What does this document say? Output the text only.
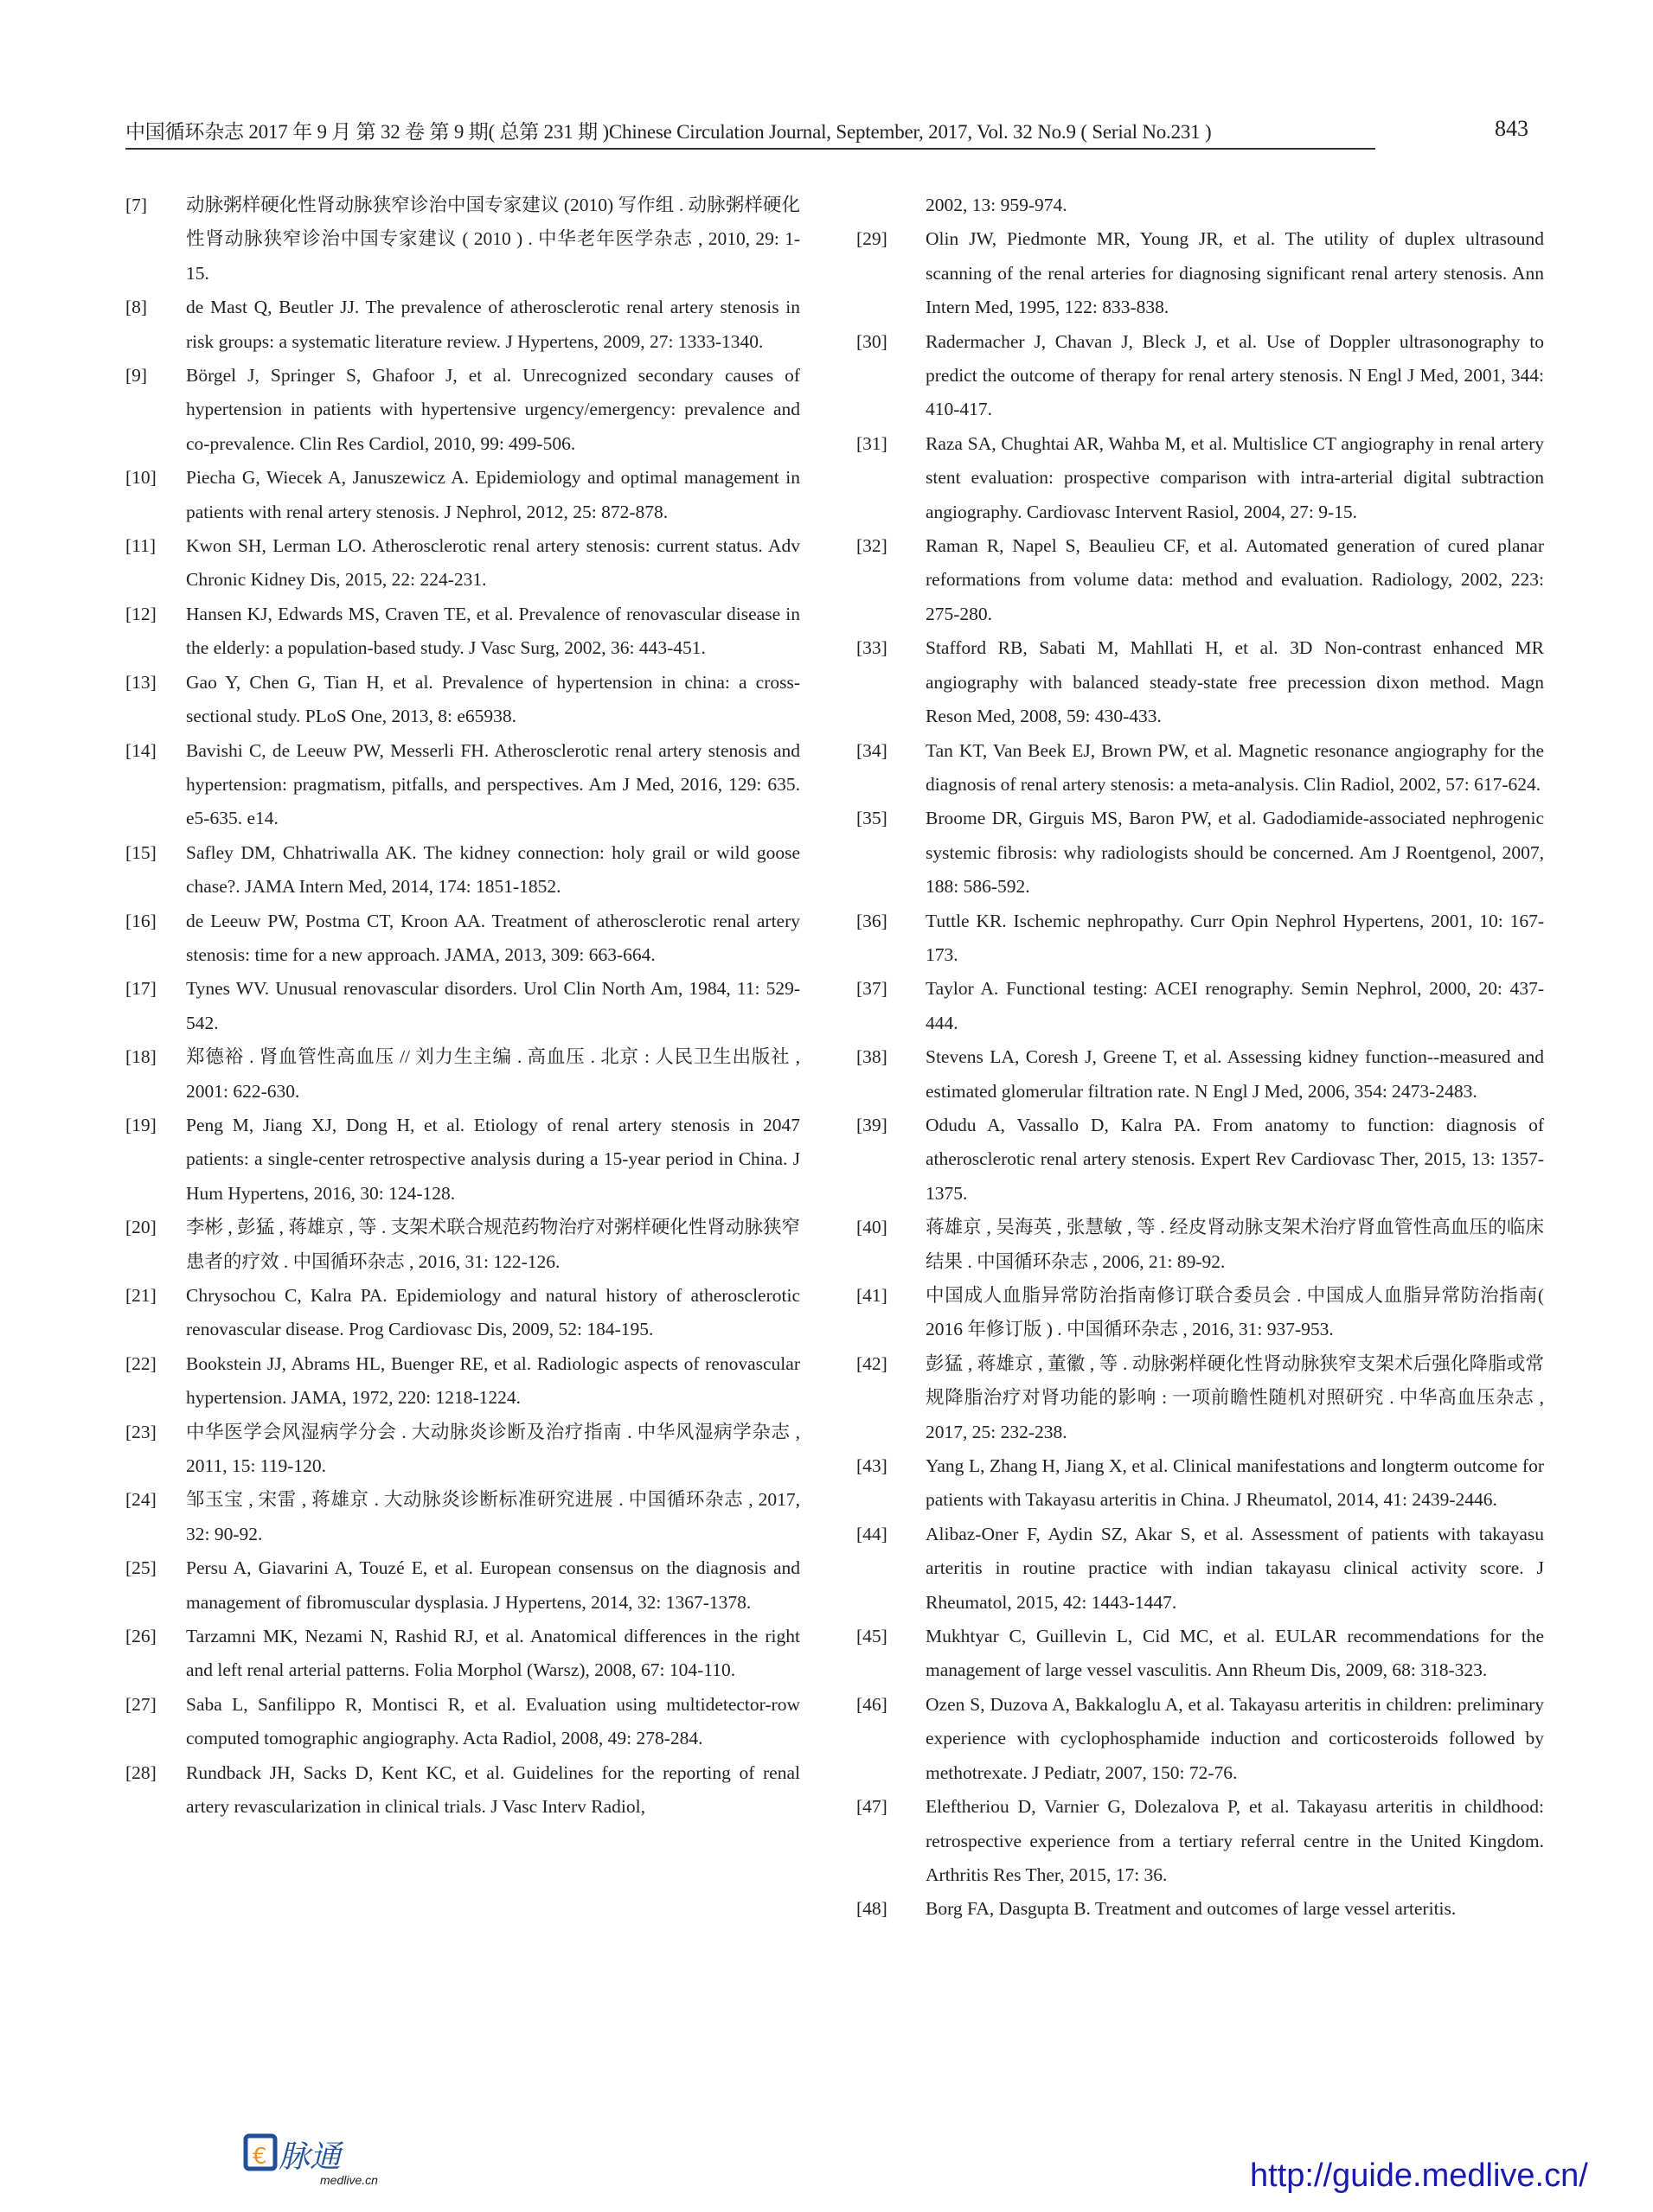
中国循环杂志 2017 年 9 月 第 32 卷 第 9 期( 总第 231 期 )Chinese Circulation Journal, September, 2017, Vol. 32 No.9 ( Serial No.231 )	843
[7] 动脉粥样硬化性肾动脉狭窄诊治中国专家建议 (2010) 写作组 . 动脉粥样硬化性肾动脉狭窄诊治中国专家建议 ( 2010 ) . 中华老年医学杂志 , 2010, 29: 1-15.
[8] de Mast Q, Beutler JJ. The prevalence of atherosclerotic renal artery stenosis in risk groups: a systematic literature review. J Hypertens, 2009, 27: 1333-1340.
[9] Börgel J, Springer S, Ghafoor J, et al. Unrecognized secondary causes of hypertension in patients with hypertensive urgency/emergency: prevalence and co-prevalence. Clin Res Cardiol, 2010, 99: 499-506.
[10] Piecha G, Wiecek A, Januszewicz A. Epidemiology and optimal management in patients with renal artery stenosis. J Nephrol, 2012, 25: 872-878.
[11] Kwon SH, Lerman LO. Atherosclerotic renal artery stenosis: current status. Adv Chronic Kidney Dis, 2015, 22: 224-231.
[12] Hansen KJ, Edwards MS, Craven TE, et al. Prevalence of renovascular disease in the elderly: a population-based study. J Vasc Surg, 2002, 36: 443-451.
[13] Gao Y, Chen G, Tian H, et al. Prevalence of hypertension in china: a cross-sectional study. PLoS One, 2013, 8: e65938.
[14] Bavishi C, de Leeuw PW, Messerli FH. Atherosclerotic renal artery stenosis and hypertension: pragmatism, pitfalls, and perspectives. Am J Med, 2016, 129: 635. e5-635. e14.
[15] Safley DM, Chhatriwalla AK. The kidney connection: holy grail or wild goose chase?. JAMA Intern Med, 2014, 174: 1851-1852.
[16] de Leeuw PW, Postma CT, Kroon AA. Treatment of atherosclerotic renal artery stenosis: time for a new approach. JAMA, 2013, 309: 663-664.
[17] Tynes WV. Unusual renovascular disorders. Urol Clin North Am, 1984, 11: 529-542.
[18] 郑德裕 . 肾血管性高血压 // 刘力生主编 . 高血压 . 北京 : 人民卫生出版社 , 2001: 622-630.
[19] Peng M, Jiang XJ, Dong H, et al. Etiology of renal artery stenosis in 2047 patients: a single-center retrospective analysis during a 15-year period in China. J Hum Hypertens, 2016, 30: 124-128.
[20] 李彬 , 彭猛 , 蒋雄京 , 等 . 支架术联合规范药物治疗对粥样硬化性肾动脉狭窄患者的疗效 . 中国循环杂志 , 2016, 31: 122-126.
[21] Chrysochou C, Kalra PA. Epidemiology and natural history of atherosclerotic renovascular disease. Prog Cardiovasc Dis, 2009, 52: 184-195.
[22] Bookstein JJ, Abrams HL, Buenger RE, et al. Radiologic aspects of renovascular hypertension. JAMA, 1972, 220: 1218-1224.
[23] 中华医学会风湿病学分会 . 大动脉炎诊断及治疗指南 . 中华风湿病学杂志 , 2011, 15: 119-120.
[24] 邹玉宝 , 宋雷 , 蒋雄京 . 大动脉炎诊断标准研究进展 . 中国循环杂志 , 2017, 32: 90-92.
[25] Persu A, Giavarini A, Touzé E, et al. European consensus on the diagnosis and management of fibromuscular dysplasia. J Hypertens, 2014, 32: 1367-1378.
[26] Tarzamni MK, Nezami N, Rashid RJ, et al. Anatomical differences in the right and left renal arterial patterns. Folia Morphol (Warsz), 2008, 67: 104-110.
[27] Saba L, Sanfilippo R, Montisci R, et al. Evaluation using multidetector-row computed tomographic angiography. Acta Radiol, 2008, 49: 278-284.
[28] Rundback JH, Sacks D, Kent KC, et al. Guidelines for the reporting of renal artery revascularization in clinical trials. J Vasc Interv Radiol,
2002, 13: 959-974.
[29] Olin JW, Piedmonte MR, Young JR, et al. The utility of duplex ultrasound scanning of the renal arteries for diagnosing significant renal artery stenosis. Ann Intern Med, 1995, 122: 833-838.
[30] Radermacher J, Chavan J, Bleck J, et al. Use of Doppler ultrasonography to predict the outcome of therapy for renal artery stenosis. N Engl J Med, 2001, 344: 410-417.
[31] Raza SA, Chughtai AR, Wahba M, et al. Multislice CT angiography in renal artery stent evaluation: prospective comparison with intra-arterial digital subtraction angiography. Cardiovasc Intervent Rasiol, 2004, 27: 9-15.
[32] Raman R, Napel S, Beaulieu CF, et al. Automated generation of cured planar reformations from volume data: method and evaluation. Radiology, 2002, 223: 275-280.
[33] Stafford RB, Sabati M, Mahllati H, et al. 3D Non-contrast enhanced MR angiography with balanced steady-state free precession dixon method. Magn Reson Med, 2008, 59: 430-433.
[34] Tan KT, Van Beek EJ, Brown PW, et al. Magnetic resonance angiography for the diagnosis of renal artery stenosis: a meta-analysis. Clin Radiol, 2002, 57: 617-624.
[35] Broome DR, Girguis MS, Baron PW, et al. Gadodiamide-associated nephrogenic systemic fibrosis: why radiologists should be concerned. Am J Roentgenol, 2007, 188: 586-592.
[36] Tuttle KR. Ischemic nephropathy. Curr Opin Nephrol Hypertens, 2001, 10: 167-173.
[37] Taylor A. Functional testing: ACEI renography. Semin Nephrol, 2000, 20: 437-444.
[38] Stevens LA, Coresh J, Greene T, et al. Assessing kidney function--measured and estimated glomerular filtration rate. N Engl J Med, 2006, 354: 2473-2483.
[39] Odudu A, Vassallo D, Kalra PA. From anatomy to function: diagnosis of atherosclerotic renal artery stenosis. Expert Rev Cardiovasc Ther, 2015, 13: 1357-1375.
[40] 蒋雄京 , 吴海英 , 张慧敏 , 等 . 经皮肾动脉支架术治疗肾血管性高血压的临床结果 . 中国循环杂志 , 2006, 21: 89-92.
[41] 中国成人血脂异常防治指南修订联合委员会 . 中国成人血脂异常防治指南( 2016 年修订版 ) . 中国循环杂志 , 2016, 31: 937-953.
[42] 彭猛 , 蒋雄京 , 董徽 , 等 . 动脉粥样硬化性肾动脉狭窄支架术后强化降脂或常规降脂治疗对肾功能的影响 : 一项前瞻性随机对照研究 . 中华高血压杂志 , 2017, 25: 232-238.
[43] Yang L, Zhang H, Jiang X, et al. Clinical manifestations and longterm outcome for patients with Takayasu arteritis in China. J Rheumatol, 2014, 41: 2439-2446.
[44] Alibaz-Oner F, Aydin SZ, Akar S, et al. Assessment of patients with takayasu arteritis in routine practice with indian takayasu clinical activity score. J Rheumatol, 2015, 42: 1443-1447.
[45] Mukhtyar C, Guillevin L, Cid MC, et al. EULAR recommendations for the management of large vessel vasculitis. Ann Rheum Dis, 2009, 68: 318-323.
[46] Ozen S, Duzova A, Bakkaloglu A, et al. Takayasu arteritis in children: preliminary experience with cyclophosphamide induction and corticosteroids followed by methotrexate. J Pediatr, 2007, 150: 72-76.
[47] Eleftheriou D, Varnier G, Dolezalova P, et al. Takayasu arteritis in childhood: retrospective experience from a tertiary referral centre in the United Kingdom. Arthritis Res Ther, 2015, 17: 36.
[48] Borg FA, Dasgupta B. Treatment and outcomes of large vessel arteritis.
€ 脉通
medlive.cn	http://guide.medlive.cn/
